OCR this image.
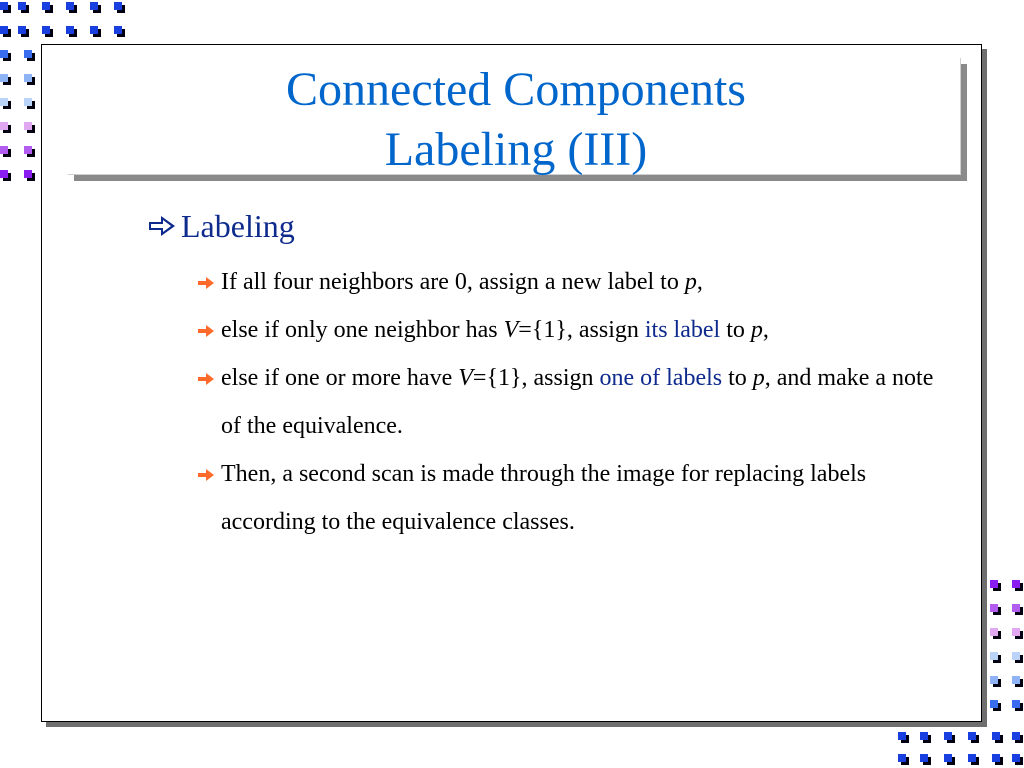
Connected Components
Labeling (III)
Labeling
If all four neighbors are 0, assign a new label to p,
else if only one neighbor has V={1}, assign its label to p,
else if one or more have V={1}, assign one of labels to p, and make a note of the equivalence.
Then, a second scan is made through the image for replacing labels according to the equivalence classes.
